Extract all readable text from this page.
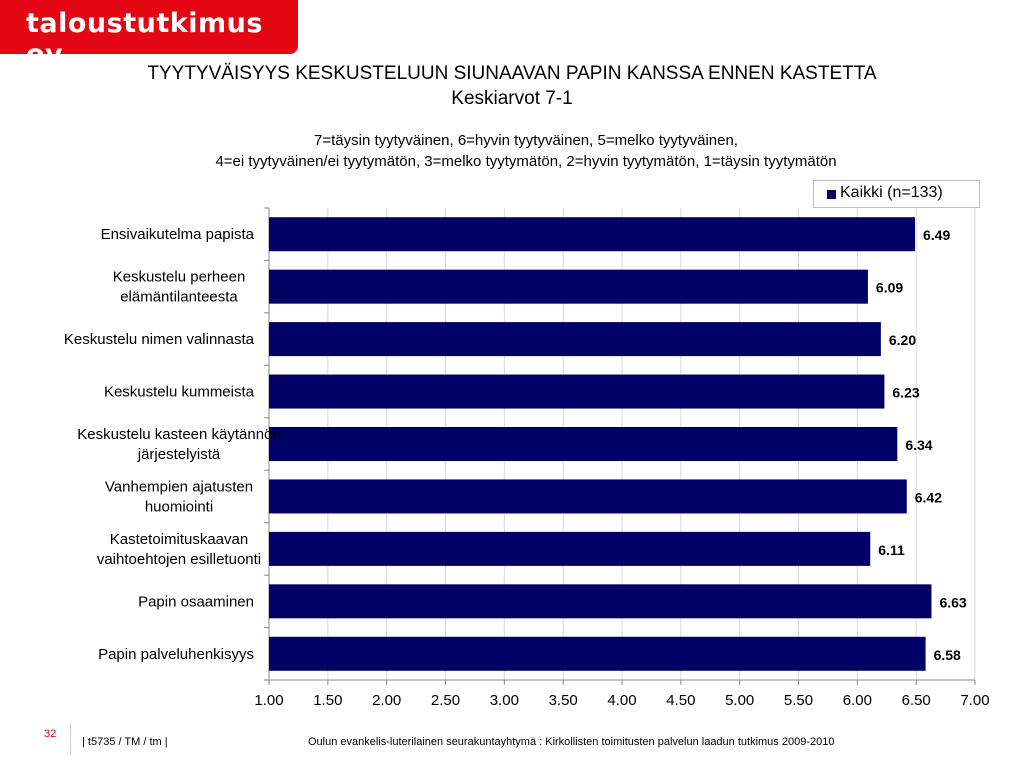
taloustutkimus oy
TYYTYVÄISYYS KESKUSTELUUN SIUNAAVAN PAPIN KANSSA ENNEN KASTETTA
Keskiarvot 7-1
7=täysin tyytyväinen, 6=hyvin tyytyväinen, 5=melko tyytyväinen,
4=ei tyytyväinen/ei tyytymätön, 3=melko tyytymätön, 2=hyvin tyytymätön, 1=täysin tyytymätön
Kaikki (n=133)
1.00 1.50 2.00 2.50 3.00 3.50 4.00 4.50 5.00 5.50 6.00 6.50 7.00
6.49
Ensivaikutelma papista
6.09
Keskustelu perheen
elämäntilanteesta
6.20
Keskustelu nimen valinnasta
6.23
Keskustelu kummeista
6.34
Keskustelu kasteen käytännön
järjestelyistä
6.42
Vanhempien ajatusten
huomiointi
6.11
Kastetoimituskaavan
vaihtoehtojen esilletuonti
6.63
Papin osaaminen
6.58
Papin palveluhenkisyys
32
| t5735 / TM / tm |	Oulun evankelis-luterilainen seurakuntayhtymä : Kirkollisten toimitusten palvelun laadun tutkimus 2009-2010
